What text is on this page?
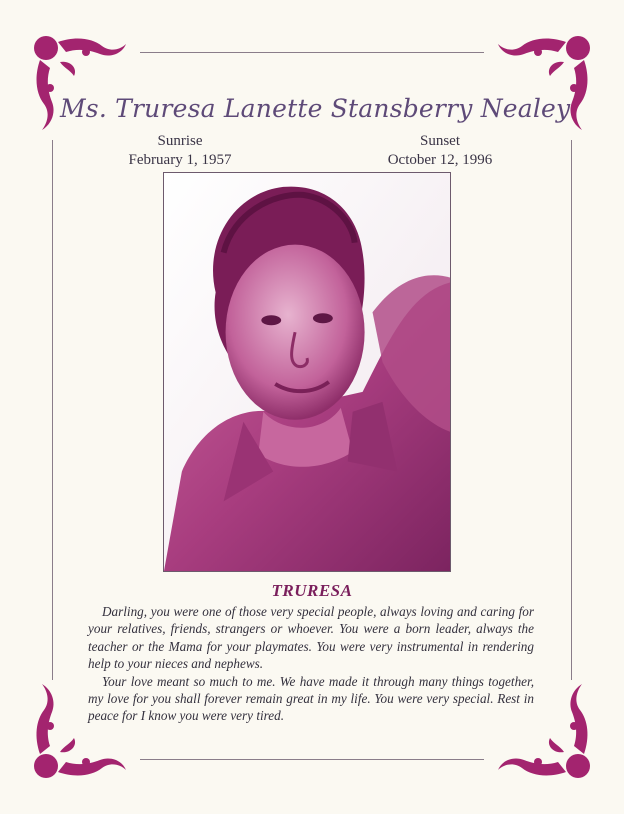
Ms. Truresa Lanette Stansberry Nealey
Sunrise
February 1, 1957
Sunset
October 12, 1996
TRURESA

Darling, you were one of those very special people, always loving and caring for your relatives, friends, strangers or whoever. You were a born leader, always the teacher or the Mama for your playmates. You were very instrumental in rendering help to your nieces and nephews.

Your love meant so much to me. We have made it through many things together, my love for you shall forever remain great in my life. You were very special. Rest in peace for I know you were very tired.
